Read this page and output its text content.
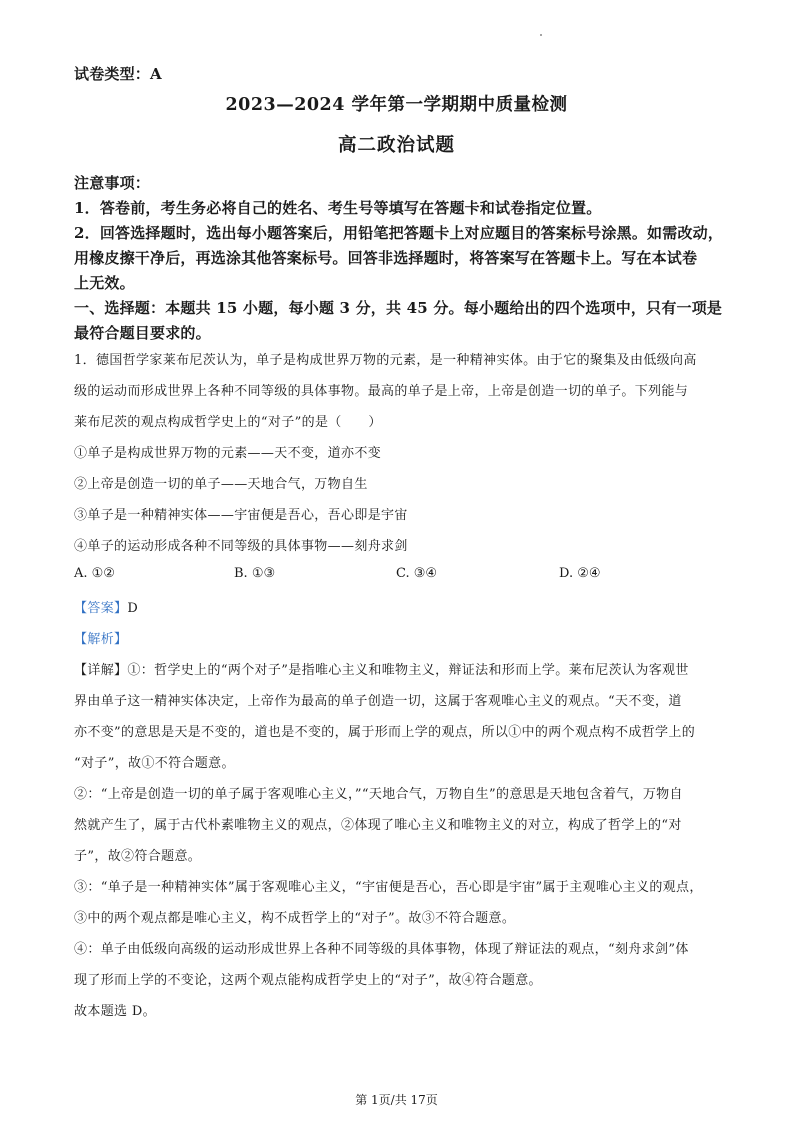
试卷类型：A
2023—2024 学年第一学期期中质量检测
高二政治试题
注意事项：
1．答卷前，考生务必将自己的姓名、考生号等填写在答题卡和试卷指定位置。
2．回答选择题时，选出每小题答案后，用铅笔把答题卡上对应题目的答案标号涂黑。如需改动，
用橡皮擦干净后，再选涂其他答案标号。回答非选择题时，将答案写在答题卡上。写在本试卷
上无效。
一、选择题：本题共 15 小题，每小题 3 分，共 45 分。每小题给出的四个选项中，只有一项是
最符合题目要求的。
1．德国哲学家莱布尼茨认为，单子是构成世界万物的元素，是一种精神实体。由于它的聚集及由低级向高
级的运动而形成世界上各种不同等级的具体事物。最高的单子是上帝，上帝是创造一切的单子。下列能与
莱布尼茨的观点构成哲学史上的“对子”的是（　　）
①单子是构成世界万物的元素——天不变，道亦不变
②上帝是创造一切的单子——天地合气，万物自生
③单子是一种精神实体——宇宙便是吾心，吾心即是宇宙
④单子的运动形成各种不同等级的具体事物——刻舟求剑
A. ①②	B. ①③	C. ③④	D. ②④
【答案】D
【解析】
【详解】①：哲学史上的“两个对子”是指唯心主义和唯物主义，辩证法和形而上学。莱布尼茨认为客观世
界由单子这一精神实体决定，上帝作为最高的单子创造一切，这属于客观唯心主义的观点。“天不变，道
亦不变”的意思是天是不变的，道也是不变的，属于形而上学的观点，所以①中的两个观点构不成哲学上的
“对子”，故①不符合题意。
②：“上帝是创造一切的单子属于客观唯心主义，”“天地合气，万物自生”的意思是天地包含着气，万物自
然就产生了，属于古代朴素唯物主义的观点，②体现了唯心主义和唯物主义的对立，构成了哲学上的“对
子”，故②符合题意。
③：“单子是一种精神实体”属于客观唯心主义，“宇宙便是吾心，吾心即是宇宙”属于主观唯心主义的观点，
③中的两个观点都是唯心主义，构不成哲学上的“对子”。故③不符合题意。
④：单子由低级向高级的运动形成世界上各种不同等级的具体事物，体现了辩证法的观点，“刻舟求剑”体
现了形而上学的不变论，这两个观点能构成哲学史上的“对子”，故④符合题意。
故本题选 D。
第 1页/共 17页
